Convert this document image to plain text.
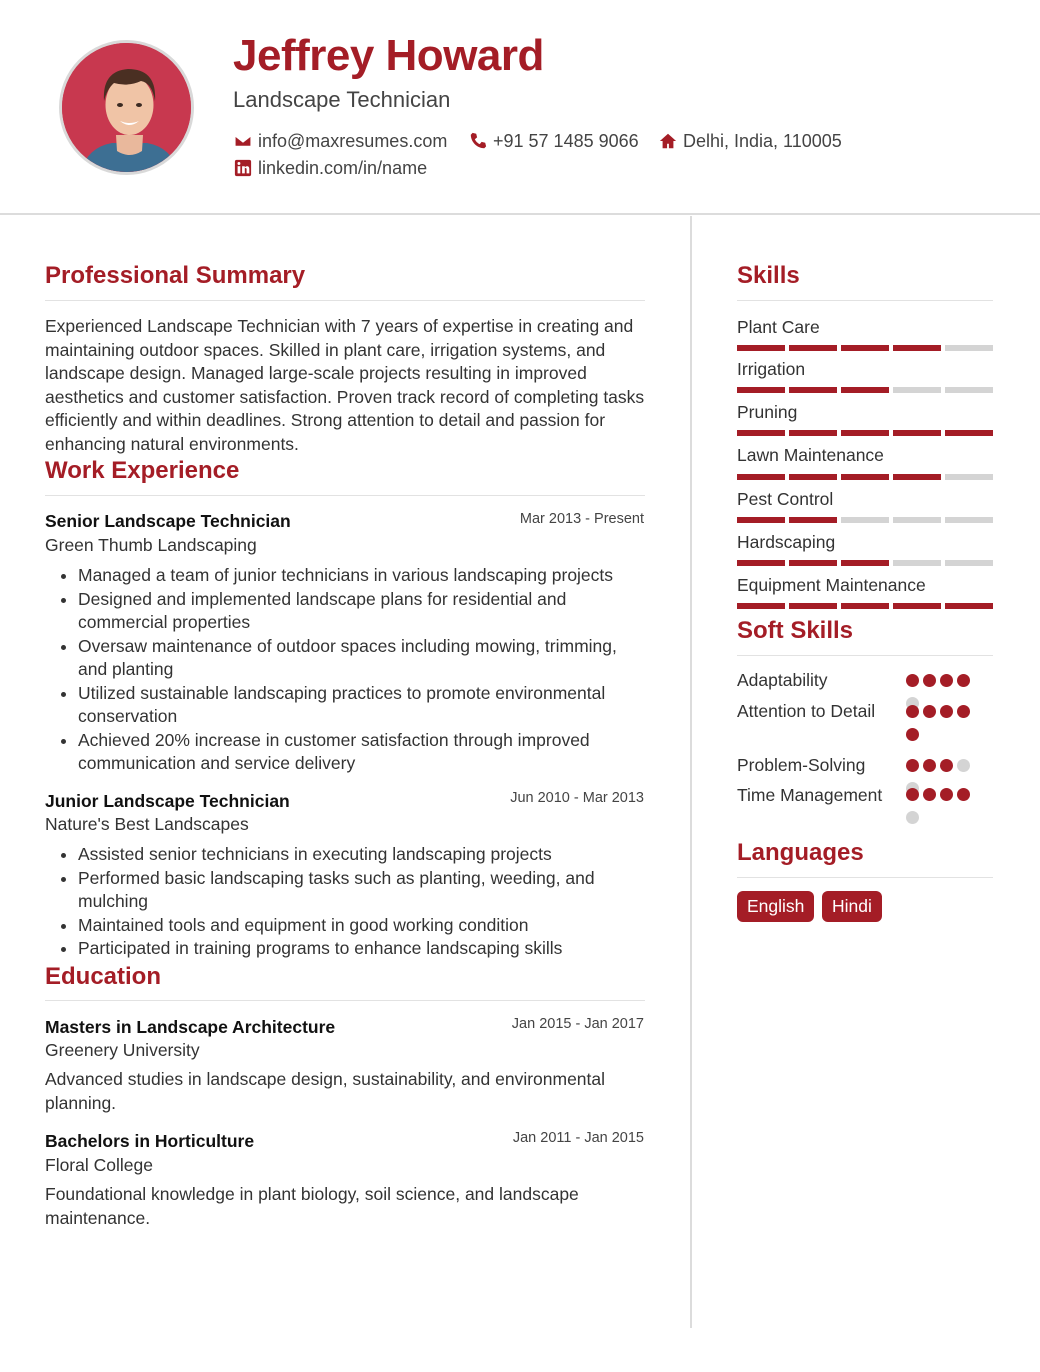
Jeffrey Howard
Landscape Technician
info@maxresumes.com	+91 57 1485 9066 Delhi, India, 110005
linkedin.com/in/name
Professional Summary
Experienced Landscape Technician with 7 years of expertise in creating and maintaining outdoor spaces. Skilled in plant care, irrigation systems, and landscape design. Managed large-scale projects resulting in improved aesthetics and customer satisfaction. Proven track record of completing tasks efficiently and within deadlines. Strong attention to detail and passion for enhancing natural environments.
Work Experience
Senior Landscape Technician	Mar 2013 - Present
Green Thumb Landscaping
Managed a team of junior technicians in various landscaping projects
Designed and implemented landscape plans for residential and commercial properties
Oversaw maintenance of outdoor spaces including mowing, trimming, and planting
Utilized sustainable landscaping practices to promote environmental conservation
Achieved 20% increase in customer satisfaction through improved communication and service delivery
Junior Landscape Technician	Jun 2010 - Mar 2013
Nature's Best Landscapes
Assisted senior technicians in executing landscaping projects
Performed basic landscaping tasks such as planting, weeding, and mulching
Maintained tools and equipment in good working condition
Participated in training programs to enhance landscaping skills
Education
Masters in Landscape Architecture	Jan 2015 - Jan 2017
Greenery University
Advanced studies in landscape design, sustainability, and environmental planning.
Bachelors in Horticulture	Jan 2011 - Jan 2015
Floral College
Foundational knowledge in plant biology, soil science, and landscape maintenance.
Skills
Plant Care
Irrigation
Pruning
Lawn Maintenance
Pest Control
Hardscaping
Equipment Maintenance
Soft Skills
Adaptability
Attention to Detail
Problem-Solving
Time Management
Languages
English	Hindi
